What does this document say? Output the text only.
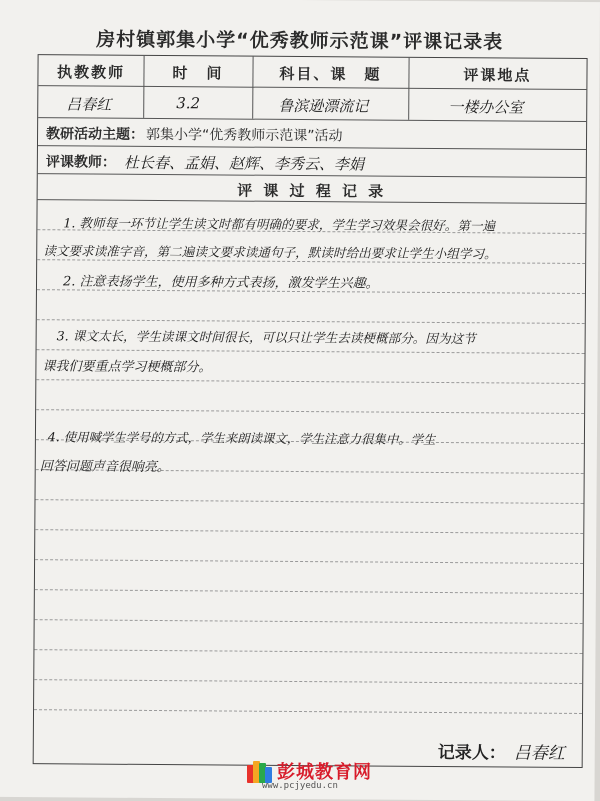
房村镇郭集小学“优秀教师示范课”评课记录表
执教教师	时　间	科目、课　题	评课地点
吕春红	3.2	鲁滨逊漂流记	一楼办公室
教研活动主题： 郭集小学“优秀教师示范课”活动
评课教师： 杜长春、孟娟、赵辉、李秀云、李娟
评 课 过 程 记 录
1. 教师每一环节让学生读文时都有明确的要求，学生学习效果会很好。第一遍
读文要求读准字音，第二遍读文要求读通句子，默读时给出要求让学生小组学习。
2. 注意表扬学生，使用多种方式表扬，激发学生兴趣。
3. 课文太长，学生读课文时间很长，可以只让学生去读梗概部分。因为这节
课我们要重点学习梗概部分。
4. 使用喊学生学号的方式，学生来朗读课文，学生注意力很集中。学生
回答问题声音很响亮。
记录人： 吕春红
彭城教育网
www.pcjyedu.cn
